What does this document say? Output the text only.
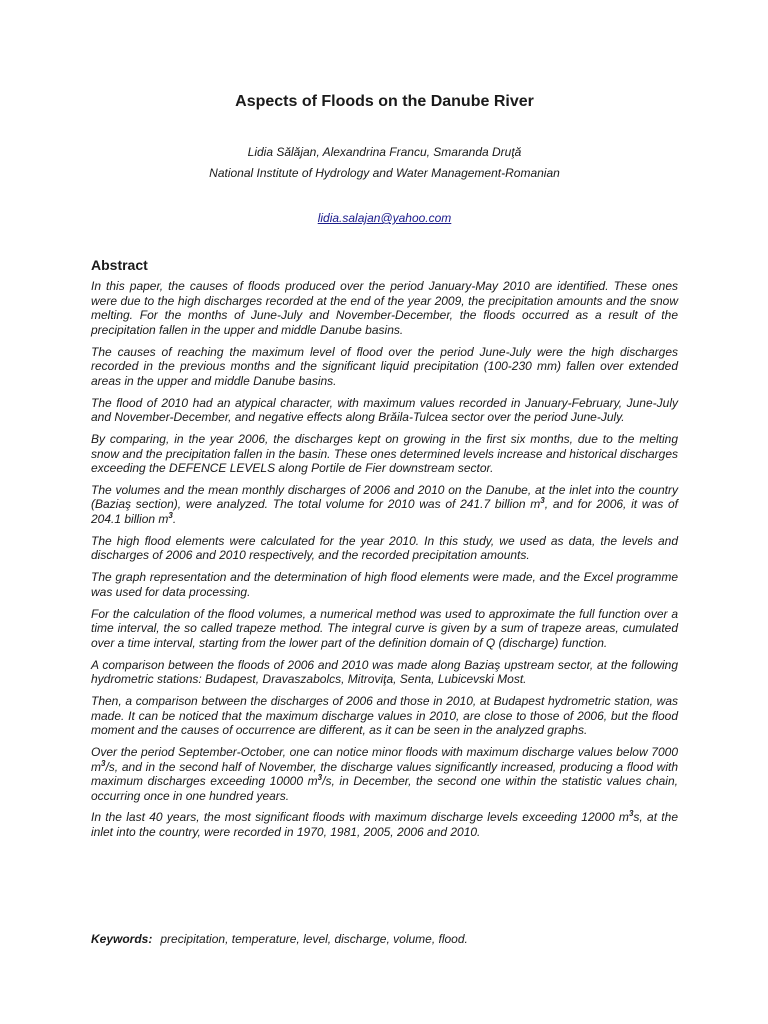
Aspects of Floods on the Danube River
Lidia Sălăjan, Alexandrina Francu, Smaranda Druţă
National Institute of Hydrology and Water Management-Romanian
lidia.salajan@yahoo.com
Abstract

In this paper, the causes of floods produced over the period January-May 2010 are identified. These ones were due to the high discharges recorded at the end of the year 2009, the precipitation amounts and the snow melting. For the months of June-July and November-December, the floods occurred as a result of the precipitation fallen in the upper and middle Danube basins.

The causes of reaching the maximum level of flood over the period June-July were the high discharges recorded in the previous months and the significant liquid precipitation (100-230 mm) fallen over extended areas in the upper and middle Danube basins.

The flood of 2010 had an atypical character, with maximum values recorded in January-February, June-July and November-December, and negative effects along Brăila-Tulcea sector over the period June-July.

By comparing, in the year 2006, the discharges kept on growing in the first six months, due to the melting snow and the precipitation fallen in the basin. These ones determined levels increase and historical discharges exceeding the DEFENCE LEVELS along Portile de Fier downstream sector.

The volumes and the mean monthly discharges of 2006 and 2010 on the Danube, at the inlet into the country (Baziaş section), were analyzed. The total volume for 2010 was of 241.7 billion $m^3$, and for 2006, it was of 204.1 billion $m^3$.

The high flood elements were calculated for the year 2010. In this study, we used as data, the levels and discharges of 2006 and 2010 respectively, and the recorded precipitation amounts.

The graph representation and the determination of high flood elements were made, and the Excel programme was used for data processing.

For the calculation of the flood volumes, a numerical method was used to approximate the full function over a time interval, the so called trapeze method. The integral curve is given by a sum of trapeze areas, cumulated over a time interval, starting from the lower part of the definition domain of Q (discharge) function.

A comparison between the floods of 2006 and 2010 was made along Baziaş upstream sector, at the following hydrometric stations: Budapest, Dravaszabolcs, Mitroviţa, Senta, Lubicevski Most.

Then, a comparison between the discharges of 2006 and those in 2010, at Budapest hydrometric station, was made. It can be noticed that the maximum discharge values in 2010, are close to those of 2006, but the flood moment and the causes of occurrence are different, as it can be seen in the analyzed graphs.

Over the period September-October, one can notice minor floods with maximum discharge values below 7000 $m^3/s$, and in the second half of November, the discharge values significantly increased, producing a flood with maximum discharges exceeding 10000 $m^3/s$, in December, the second one within the statistic values chain, occurring once in one hundred years.

In the last 40 years, the most significant floods with maximum discharge levels exceeding 12000 $m^3s$, at the inlet into the country, were recorded in 1970, 1981, 2005, 2006 and 2010.

Keywords: precipitation, temperature, level, discharge, volume, flood.
